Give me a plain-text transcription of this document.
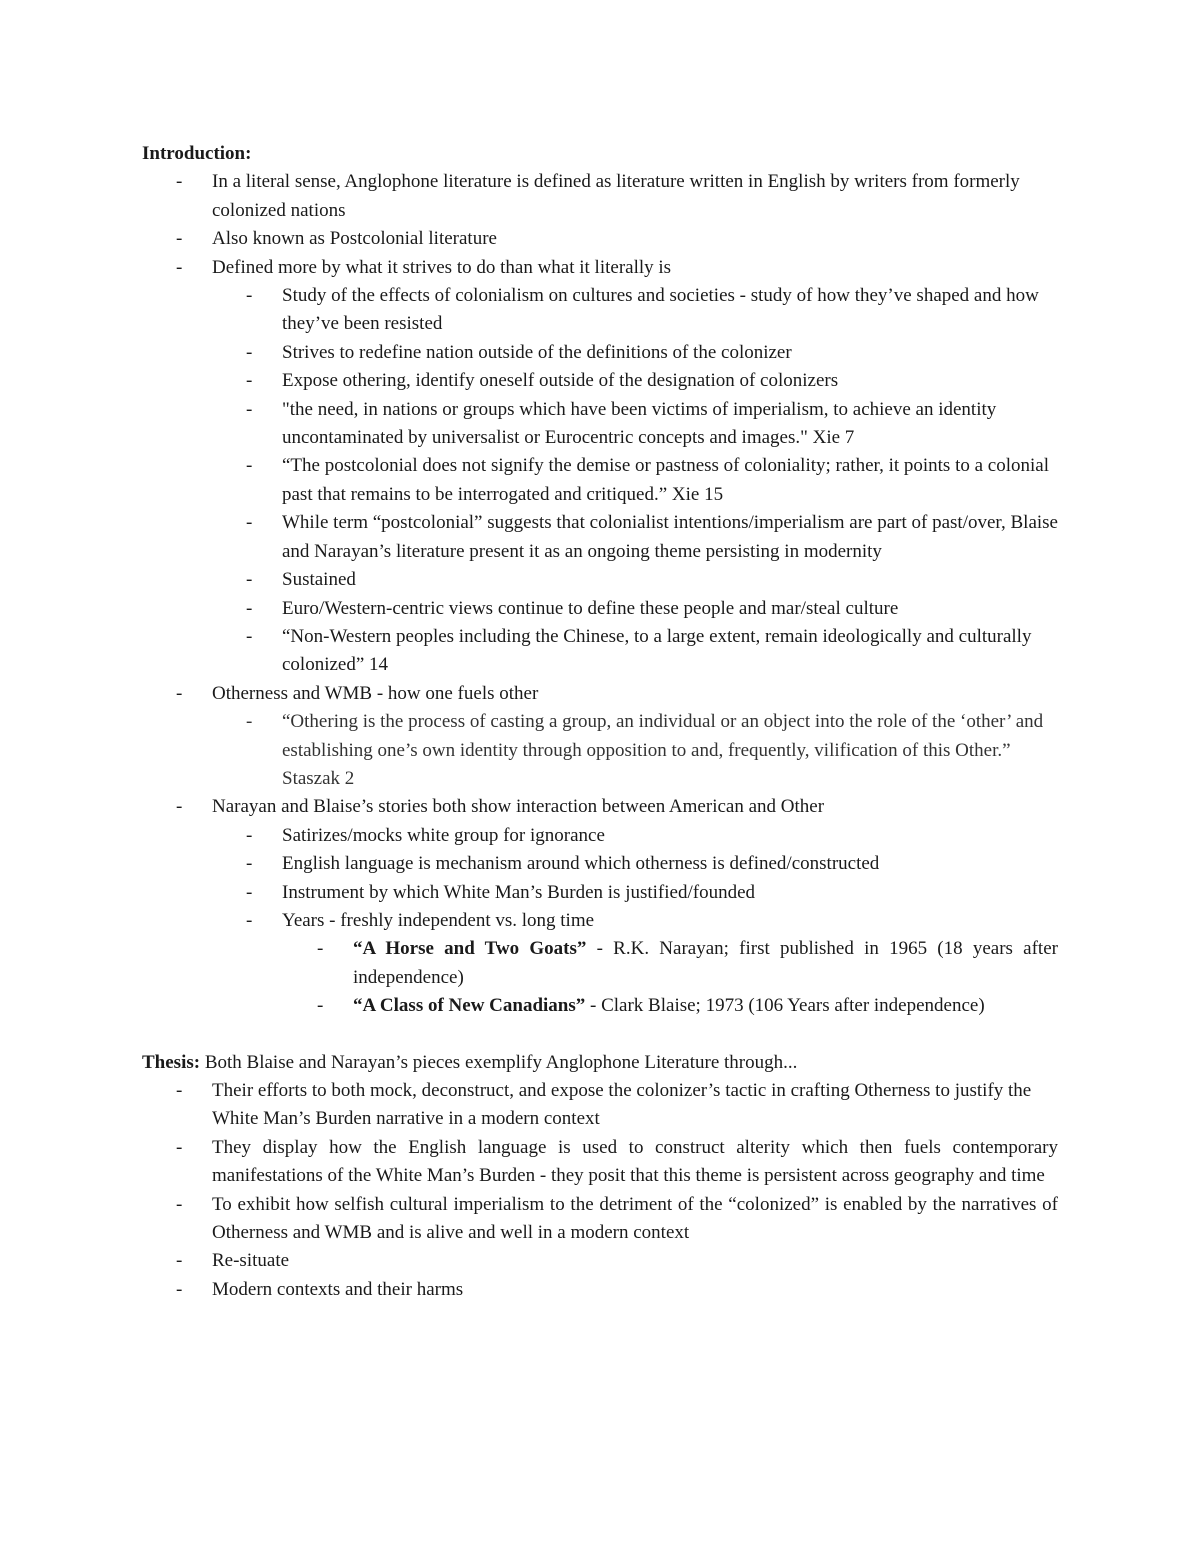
Introduction:

- In a literal sense, Anglophone literature is defined as literature written in English by writers from formerly colonized nations
- Also known as Postcolonial literature
- Defined more by what it strives to do than what it literally is
- Study of the effects of colonialism on cultures and societies - study of how they’ve shaped and how they’ve been resisted
- Strives to redefine nation outside of the definitions of the colonizer
- Expose othering, identify oneself outside of the designation of colonizers
- "the need, in nations or groups which have been victims of imperialism, to achieve an identity uncontaminated by universalist or Eurocentric concepts and images." Xie 7
- “The postcolonial does not signify the demise or pastness of coloniality; rather, it points to a colonial past that remains to be interrogated and critiqued.” Xie 15
- While term “postcolonial” suggests that colonialist intentions/imperialism are part of past/over, Blaise and Narayan’s literature present it as an ongoing theme persisting in modernity
- Sustained
- Euro/Western-centric views continue to define these people and mar/steal culture
- “Non-Western peoples including the Chinese, to a large extent, remain ideologically and culturally colonized” 14
- Otherness and WMB - how one fuels other
- “Othering is the process of casting a group, an individual or an object into the role of the ‘other’ and establishing one’s own identity through opposition to and, frequently, vilification of this Other.” Staszak 2
- Narayan and Blaise’s stories both show interaction between American and Other
- Satirizes/mocks white group for ignorance
- English language is mechanism around which otherness is defined/constructed
- Instrument by which White Man’s Burden is justified/founded
- Years - freshly independent vs. long time
- “A Horse and Two Goats” - R.K. Narayan; first published in 1965 (18 years after independence)
- “A Class of New Canadians” - Clark Blaise; 1973 (106 Years after independence)

Thesis: Both Blaise and Narayan’s pieces exemplify Anglophone Literature through...

- Their efforts to both mock, deconstruct, and expose the colonizer’s tactic in crafting Otherness to justify the White Man’s Burden narrative in a modern context
- They display how the English language is used to construct alterity which then fuels contemporary manifestations of the White Man’s Burden - they posit that this theme is persistent across geography and time
- To exhibit how selfish cultural imperialism to the detriment of the “colonized” is enabled by the narratives of Otherness and WMB and is alive and well in a modern context
- Re-situate
- Modern contexts and their harms
